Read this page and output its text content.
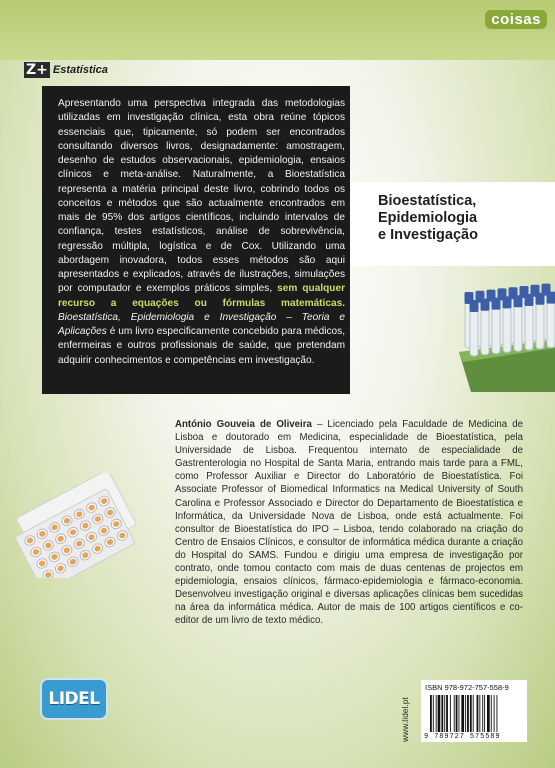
coisas
Z+ Estatística

Apresentando uma perspectiva integrada das metodologias utilizadas em investigação clínica, esta obra reúne tópicos essenciais que, tipicamente, só podem ser encontrados consultando diversos livros, designadamente: amostragem, desenho de estudos observacionais, epidemiologia, ensaios clínicos e meta-análise. Naturalmente, a Bioestatística representa a matéria principal deste livro, cobrindo todos os conceitos e métodos que são actualmente encontrados em mais de 95% dos artigos científicos, incluindo intervalos de confiança, testes estatísticos, análise de sobrevivência, regressão múltipla, logística e de Cox. Utilizando uma abordagem inovadora, todos esses métodos são aqui apresentados e explicados, através de ilustrações, simulações por computador e exemplos práticos simples, sem qualquer recurso a equações ou fórmulas matemáticas. Bioestatística, Epidemiologia e Investigação – Teoria e Aplicações é um livro especificamente concebido para médicos, enfermeiras e outros profissionais de saúde, que pretendam adquirir conhecimentos e competências em investigação.

Bioestatística,
Epidemiologia
e Investigação

António Gouveia de Oliveira – Licenciado pela Faculdade de Medicina de Lisboa e doutorado em Medicina, especialidade de Bioestatística, pela Universidade de Lisboa. Frequentou internato de especialidade de Gastrenterologia no Hospital de Santa Maria, entrando mais tarde para a FML, como Professor Auxiliar e Director do Laboratório de Bioestatística. Foi Associate Professor of Biomedical Informatics na Medical University of South Carolina e Professor Associado e Director do Departamento de Bioestatística e Informática, da Universidade Nova de Lisboa, onde está actualmente. Foi consultor de Bioestatística do IPO – Lisboa, tendo colaborado na criação do Centro de Ensaios Clínicos, e consultor de informática médica durante a criação do Hospital do SAMS. Fundou e dirigiu uma empresa de investigação por contrato, onde tomou contacto com mais de duas centenas de projectos em epidemiologia, ensaios clínicos, fármaco-epidemiologia e fármaco-economia. Desenvolveu investigação original e diversas aplicações clínicas bem sucedidas na área da informática médica. Autor de mais de 100 artigos científicos e co-editor de um livro de texto médico.

LIDEL	www.lidel.pt
ISBN 978-972-757-558-9
9 789727 575589
